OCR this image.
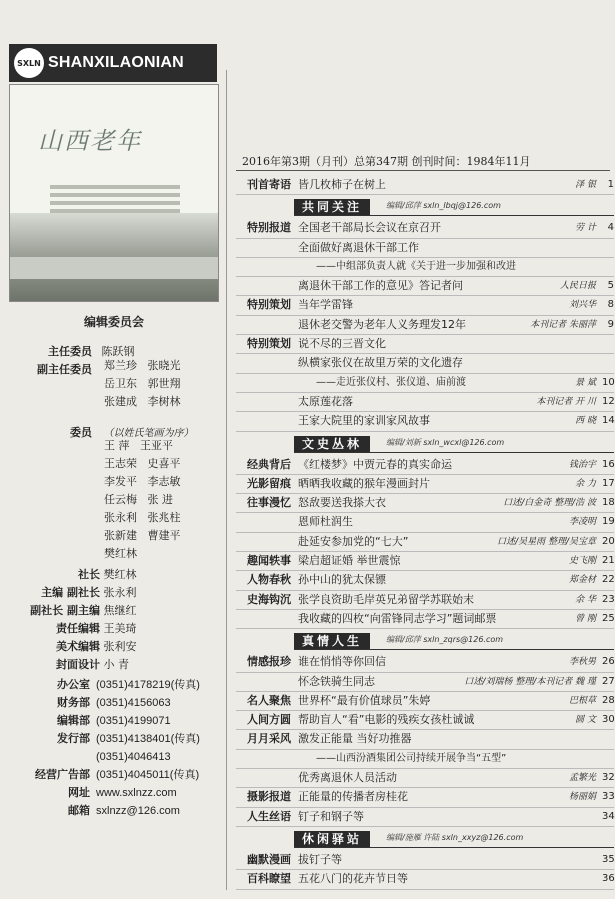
SXLN SHANXILAONIAN
山西老年
编辑委员会
主任委员 陈跃钢
副主任委员 郑兰珍 张晓光
岳卫东 郭世翔
张建成 李树林
委员 （以姓氏笔画为序）
王 萍 王亚平
王志荣 史喜平
李发平 李志敏
任云梅 张 进
张永利 张兆柱
张新建 曹建平
樊红林
社长 樊红林
主编 副社长 张永利
副社长 副主编 焦继红
责任编辑 王美琦
美术编辑 张利安
封面设计 小 青
办公室 (0351)4178219(传真)
财务部 (0351)4156063
编辑部 (0351)4199071
发行部 (0351)4138401(传真)
(0351)4046413
经营广告部 (0351)4045011(传真)
网址 www.sxlnzz.com
邮箱 sxlnzz@126.com
2016年第3期（月刊）总第347期 创刊时间：1984年11月
刊首寄语 皆几枚柿子在树上	泽 银	1
共同关注	编辑/邱萍 sxln_lbqj@126.com
特别报道 全国老干部局长会议在京召开	劳 计	4
全面做好离退休干部工作
——中组部负责人就《关于进一步加强和改进
离退休干部工作的意见》答记者问	人民日报	5
特别策划 当年学雷锋	刘兴华	8
退休老交警为老年人义务理发12年	本刊记者 朱丽萍	9
特别策划 说不尽的三晋文化
纵横家张仪在故里万荣的文化遗存
——走近张仪村、张仪道、庙前渡	景 斌 10
太原莲花落	本刊记者 开 川 12
王家大院里的家训家风故事	西 晓 14
文史丛林	编辑/刘新 sxln_wcxl@126.com
经典背后 《红楼梦》中贾元春的真实命运	钱治宇 16
光影留痕 晒晒我收藏的猴年漫画封片	余 力 17
往事漫忆 怒敌要送我搽大衣	口述/白金奇 整理/浩 波 18
恩师杜润生	李凌明 19
赴延安参加党的“七大”	口述/吴星雨 整理/吴宝章 20
趣闻轶事 梁启超证婚 举世震惊	史飞刚 21
人物春秋 孙中山的犹太保镖	郑金材 22
史海钩沉 张学良资助毛岸英兄弟留学苏联始末	余 华 23
我收藏的四枚“向雷锋同志学习”题词邮票	曾 刚 25
真情人生	编辑/邱萍 sxln_zqrs@126.com
情感报珍 谁在悄悄等你回信	李秋男 26
怀念铁骑生同志	口述/刘瑞杨 整理/本刊记者 魏 瑾 27
名人聚焦 世界杯“最有价值球员”朱婷	巴根草 28
人间方圆 帮助盲人“看”电影的残疾女孩杜诚诚	圆 文 30
月月采风 激发正能量 当好功推器
——山西汾酒集团公司持续开展争当“五型”
优秀离退休人员活动	孟繁光 32
摄影报道 正能量的传播者房桂花	杨丽娟 33
人生丝语 钉子和钢子等	34
休闲驿站	编辑/施雁 许陆 sxln_xxyz@126.com
幽默漫画 拔钉子等	35
百科瞭望 五花八门的花卉节日等	36
